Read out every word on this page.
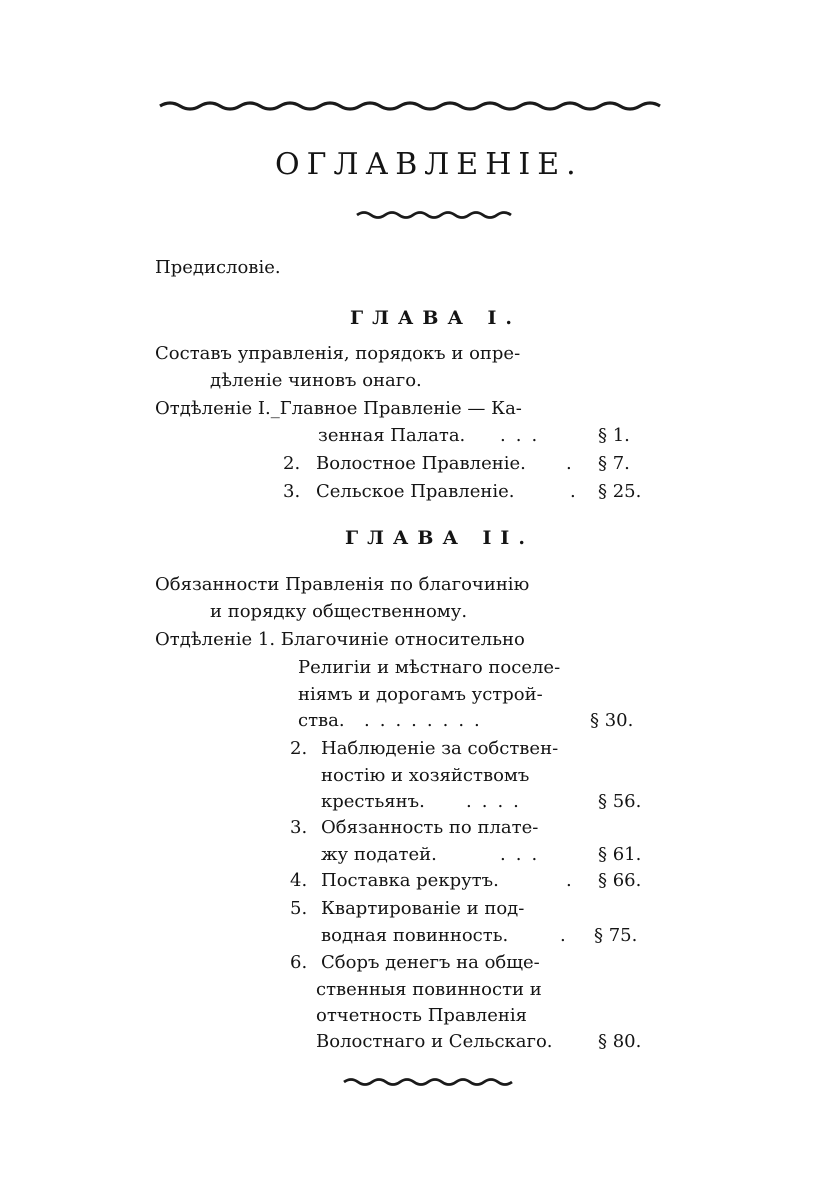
ОГЛАВЛЕНІЕ.
Предисловіе.
ГЛАВА I.
Составъ управленія, порядокъ и опре-
дѣленіе чиновъ онаго.
Отдѣленіе I._Главное Правленіе — Ка-
зенная Палата. ...	§ 1.
2. Волостное Правленіе. . § 7.
3. Сельское Правленіе.	. § 25.
ГЛАВА II.
Обязанности Правленія по благочинію
и порядку общественному.
Отдѣленіе 1. Благочиніе относительно
Религіи и мѣстнаго поселе-
ніямъ и дорогамъ устрой-
ства. ........	§ 30.
2. Наблюденіе за собствен-
ностію и хозяйствомъ
крестьянъ. ....	§ 56.
3. Обязанность по плате-
жу податей.	...	§ 61.
4. Поставка рекрутъ.	. § 66.
5. Квартированіе и под-
водная повинность.	. § 75.
6. Сборъ денегъ на обще-
ственныя повинности и
отчетность Правленія
Волостнаго и Сельскаго.	§ 80.
